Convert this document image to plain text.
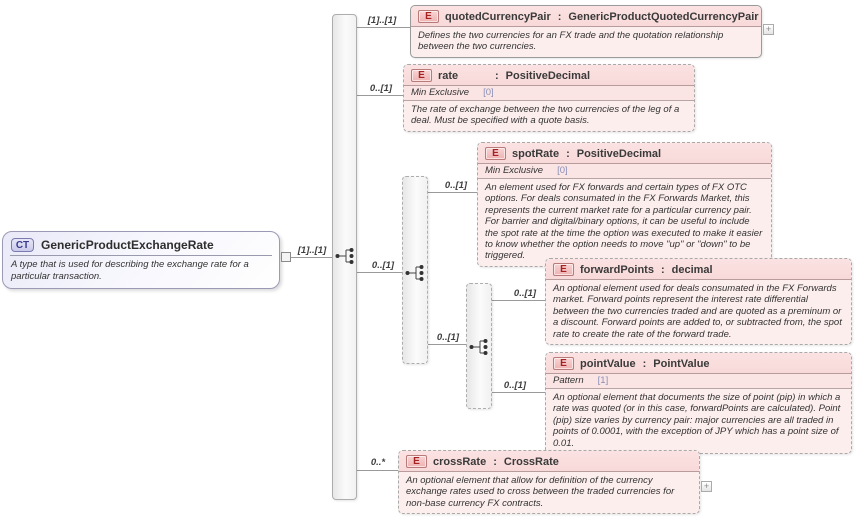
[1]..[1]
[1]..[1]
0..[1]
0..[1]
0..*
0..[1]
0..[1]
0..[1]
0..[1]
CT GenericProductExchangeRate
A type that is used for describing the exchange rate for a particular transaction.
E	quotedCurrencyPair : GenericProductQuotedCurrencyPair
Defines the two currencies for an FX trade and the quotation relationship between the two currencies.
+
E	rate	: PositiveDecimal
Min Exclusive [0]
The rate of exchange between the two currencies of the leg of a deal. Must be specified with a quote basis.
E	spotRate : PositiveDecimal
Min Exclusive [0]
An element used for FX forwards and certain types of FX OTC options. For deals consumated in the FX Forwards Market, this represents the current market rate for a particular currency pair. For barrier and digital/binary options, it can be useful to include the spot rate at the time the option was executed to make it easier to know whether the option needs to move "up" or "down" to be triggered.
E	forwardPoints : decimal
An optional element used for deals consumated in the FX Forwards market. Forward points represent the interest rate differential between the two currencies traded and are quoted as a preminum or a discount. Forward points are added to, or subtracted from, the spot rate to create the rate of the forward trade.
E	pointValue : PointValue
Pattern [1]
An optional element that documents the size of point (pip) in which a rate was quoted (or in this case, forwardPoints are calculated). Point (pip) size varies by currency pair: major currencies are all traded in points of 0.0001, with the exception of JPY which has a point size of 0.01.
E	crossRate : CrossRate
An optional element that allow for definition of the currency exchange rates used to cross between the traded currencies for non-base currency FX contracts.
+
